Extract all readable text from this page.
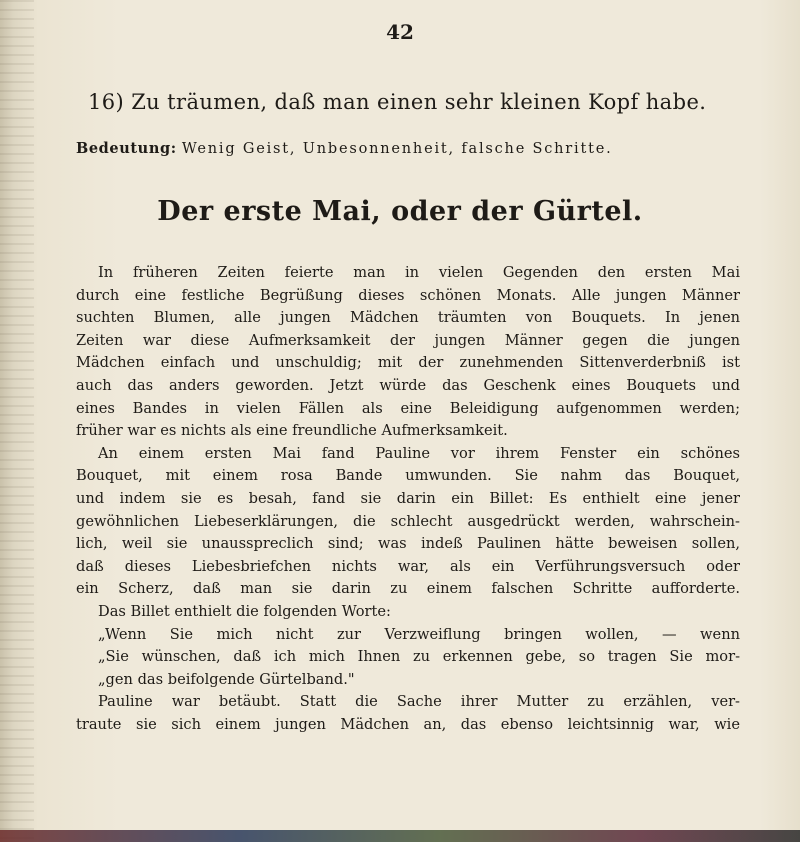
42
16) Zu träumen, daß man einen sehr kleinen Kopf habe.
Bedeutung: Wenig Geist, Unbesonnenheit, falsche Schritte.
Der erste Mai, oder der Gürtel.
In früheren Zeiten feierte man in vielen Gegenden den ersten Mai
durch eine festliche Begrüßung dieses schönen Monats. Alle jungen Männer
suchten Blumen, alle jungen Mädchen träumten von Bouquets. In jenen
Zeiten war diese Aufmerksamkeit der jungen Männer gegen die jungen
Mädchen einfach und unschuldig; mit der zunehmenden Sittenverderbniß ist
auch das anders geworden. Jetzt würde das Geschenk eines Bouquets und
eines Bandes in vielen Fällen als eine Beleidigung aufgenommen werden;
früher war es nichts als eine freundliche Aufmerksamkeit.
An einem ersten Mai fand Pauline vor ihrem Fenster ein schönes
Bouquet, mit einem rosa Bande umwunden. Sie nahm das Bouquet,
und indem sie es besah, fand sie darin ein Billet: Es enthielt eine jener
gewöhnlichen Liebeserklärungen, die schlecht ausgedrückt werden, wahrschein-
lich, weil sie unausspreclich sind; was indeß Paulinen hätte beweisen sollen,
daß dieses Liebesbriefchen nichts war, als ein Verführungsversuch oder
ein Scherz, daß man sie darin zu einem falschen Schritte aufforderte.
Das Billet enthielt die folgenden Worte:
„Wenn Sie mich nicht zur Verzweiflung bringen wollen, — wenn
„Sie wünschen, daß ich mich Ihnen zu erkennen gebe, so tragen Sie mor-
„gen das beifolgende Gürtelband."
Pauline war betäubt. Statt die Sache ihrer Mutter zu erzählen, ver-
traute sie sich einem jungen Mädchen an, das ebenso leichtsinnig war, wie
